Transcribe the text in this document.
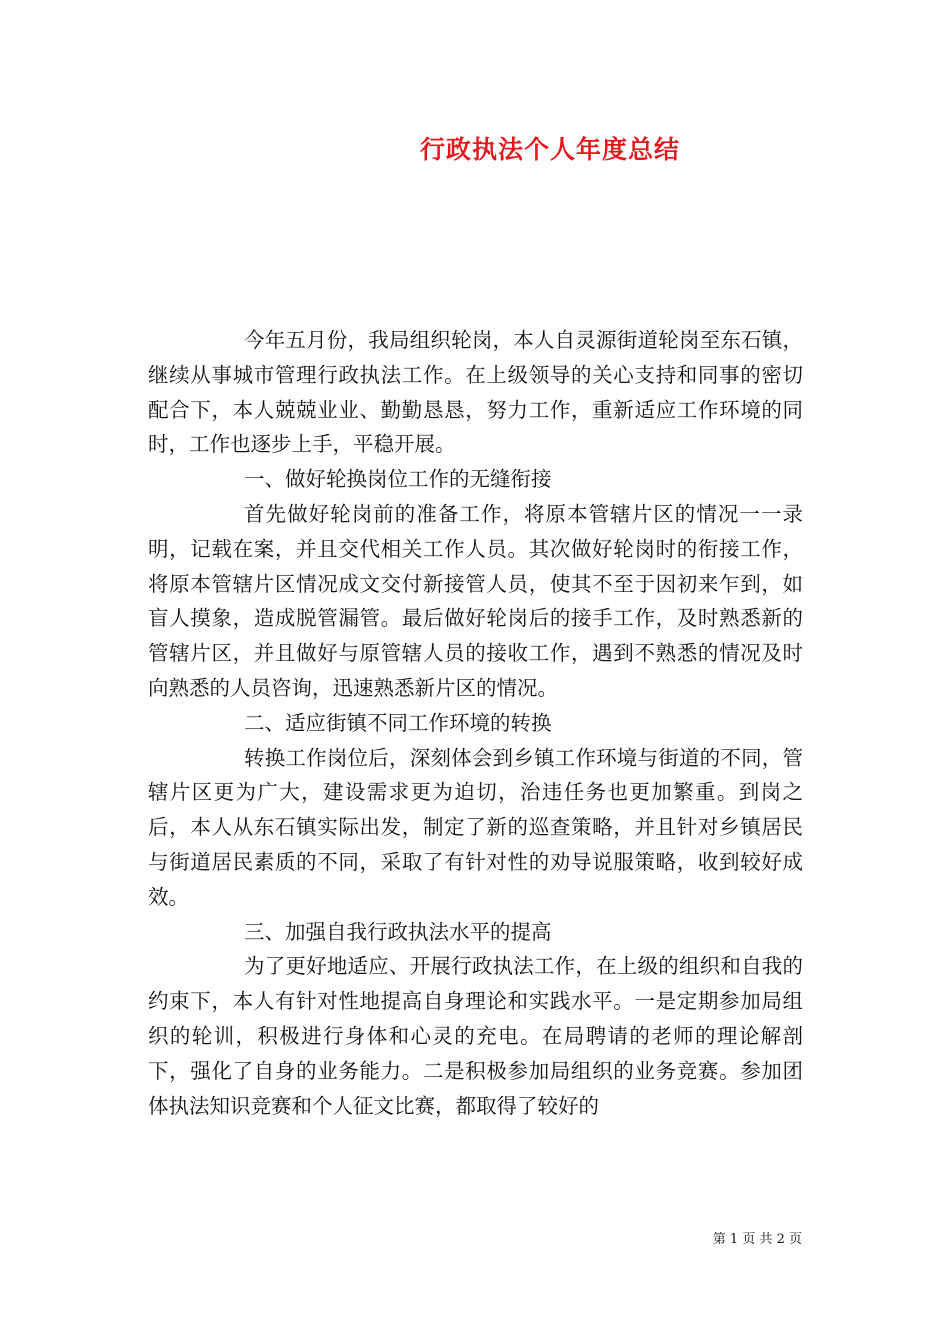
行政执法个人年度总结

今年五月份，我局组织轮岗，本人自灵源街道轮岗至东石镇，继续从事城市管理行政执法工作。在上级领导的关心支持和同事的密切配合下，本人兢兢业业、勤勤恳恳，努力工作，重新适应工作环境的同时，工作也逐步上手，平稳开展。

一、做好轮换岗位工作的无缝衔接

首先做好轮岗前的准备工作，将原本管辖片区的情况一一录明，记载在案，并且交代相关工作人员。其次做好轮岗时的衔接工作，将原本管辖片区情况成文交付新接管人员，使其不至于因初来乍到，如盲人摸象，造成脱管漏管。最后做好轮岗后的接手工作，及时熟悉新的管辖片区，并且做好与原管辖人员的接收工作，遇到不熟悉的情况及时向熟悉的人员咨询，迅速熟悉新片区的情况。

二、适应街镇不同工作环境的转换

转换工作岗位后，深刻体会到乡镇工作环境与街道的不同，管辖片区更为广大，建设需求更为迫切，治违任务也更加繁重。到岗之后，本人从东石镇实际出发，制定了新的巡查策略，并且针对乡镇居民与街道居民素质的不同，采取了有针对性的劝导说服策略，收到较好成效。

三、加强自我行政执法水平的提高

为了更好地适应、开展行政执法工作，在上级的组织和自我的约束下，本人有针对性地提高自身理论和实践水平。一是定期参加局组织的轮训，积极进行身体和心灵的充电。在局聘请的老师的理论解剖下，强化了自身的业务能力。二是积极参加局组织的业务竞赛。参加团体执法知识竞赛和个人征文比赛，都取得了较好的

第 1 页 共 2 页
